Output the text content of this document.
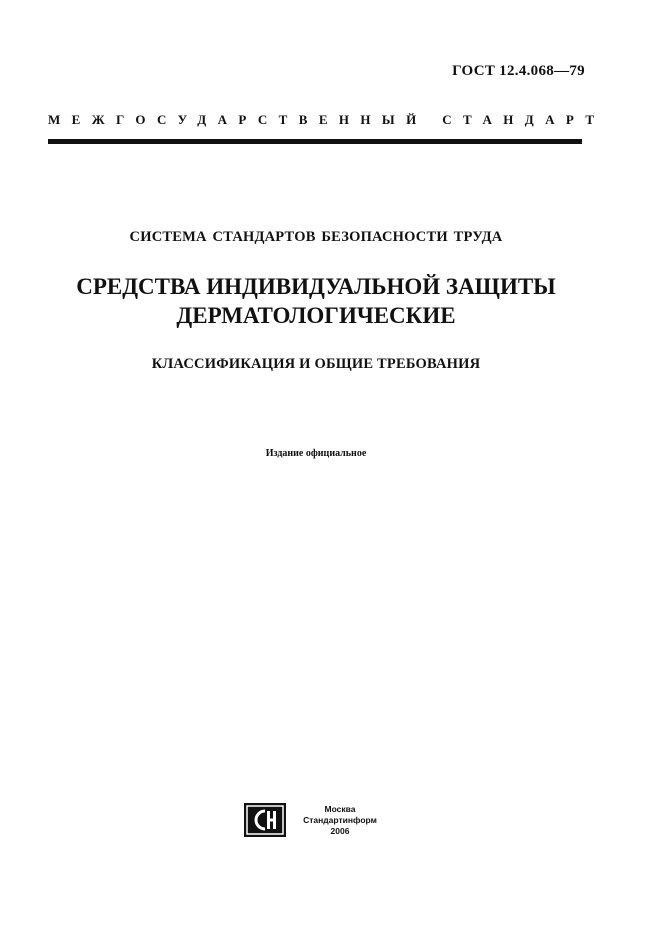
ГОСТ 12.4.068—79
МЕЖГОСУДАРСТВЕННЫЙ СТАНДАРТ
СИСТЕМА СТАНДАРТОВ БЕЗОПАСНОСТИ ТРУДА
СРЕДСТВА ИНДИВИДУАЛЬНОЙ ЗАЩИТЫ
ДЕРМАТОЛОГИЧЕСКИЕ
КЛАССИФИКАЦИЯ И ОБЩИЕ ТРЕБОВАНИЯ
Издание официальное
Москва
Стандартинформ
2006
